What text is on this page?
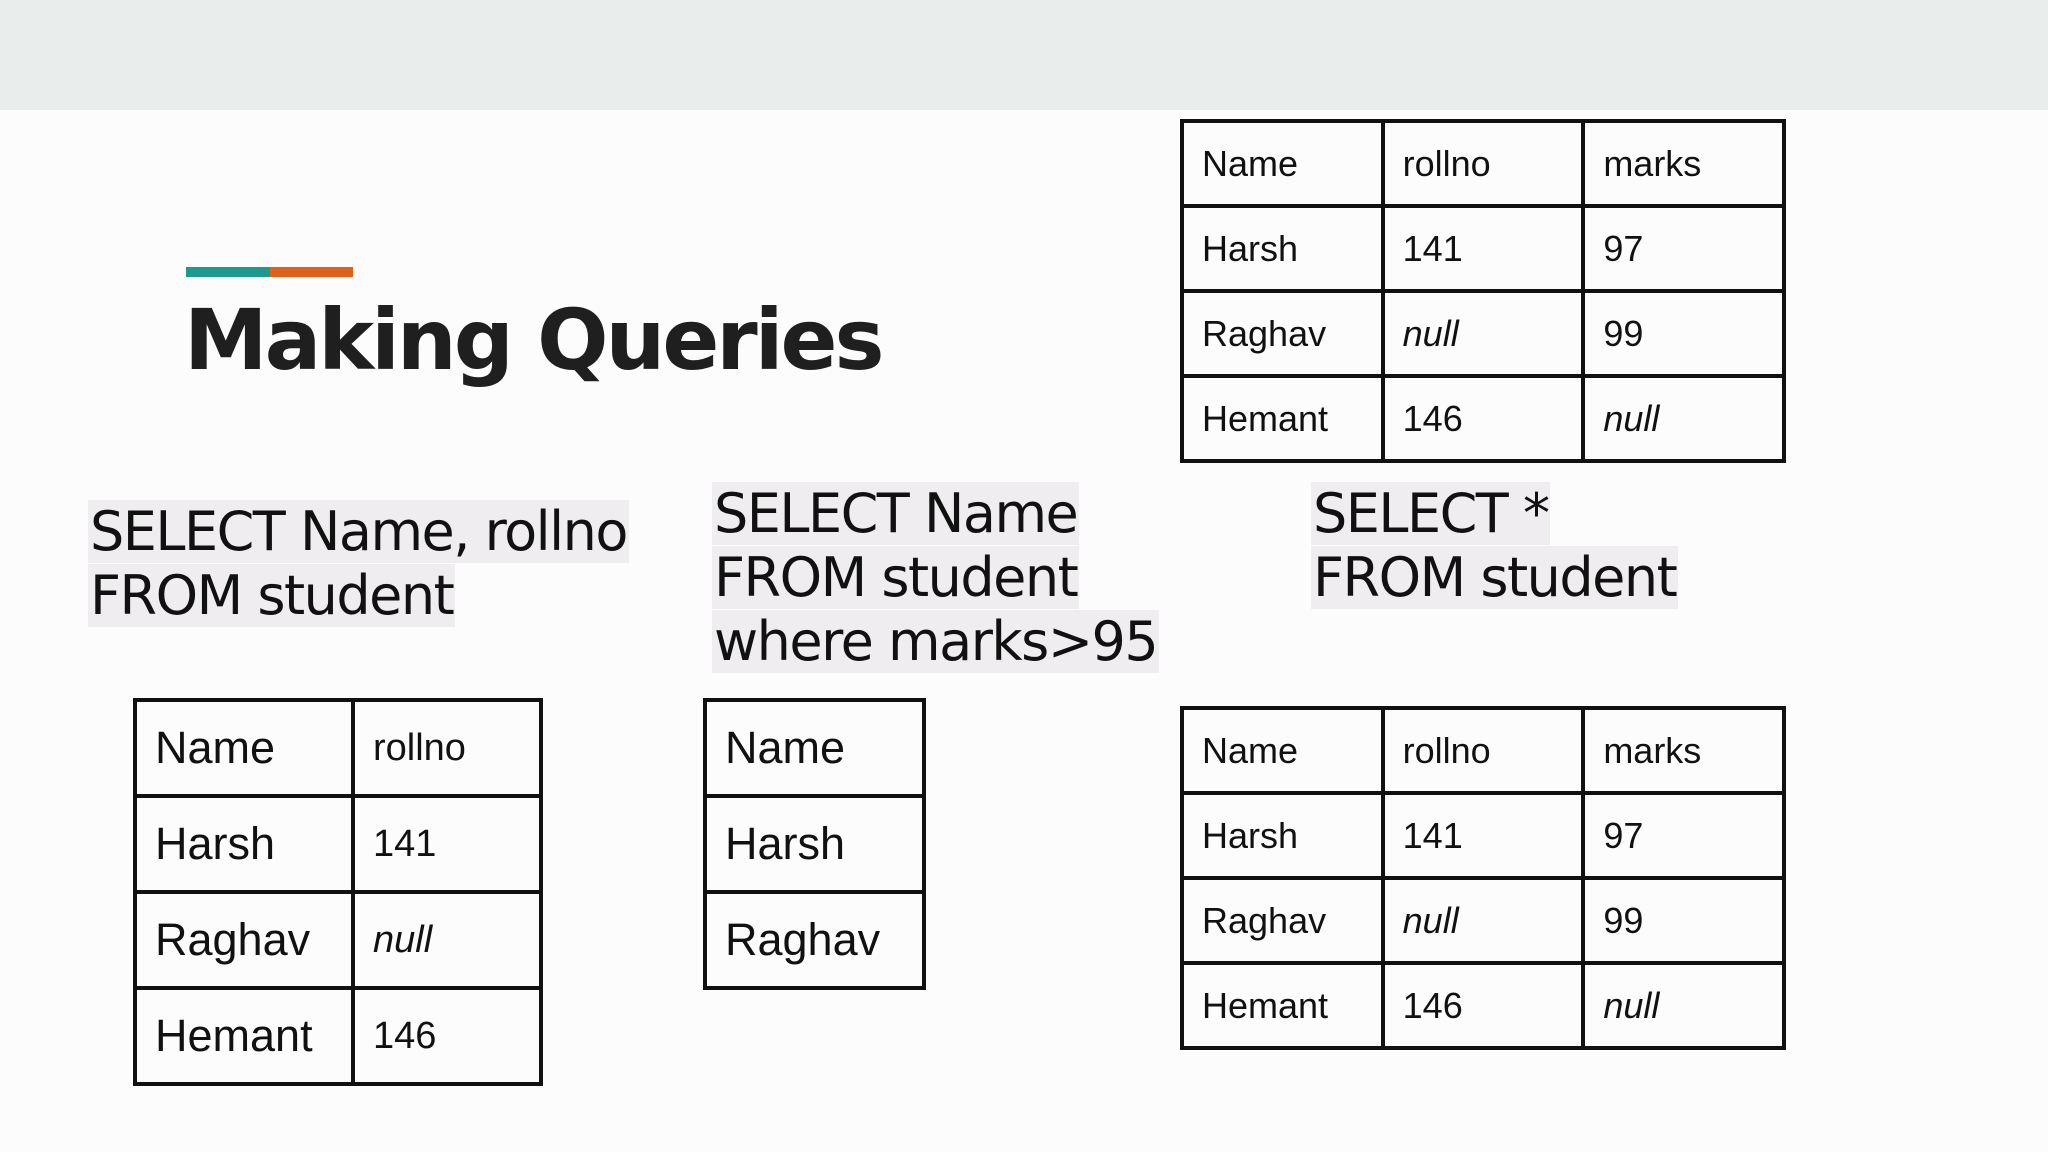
Making Queries
SELECT Name, rollno
FROM student
SELECT Name
FROM student
where marks>95
SELECT *
FROM student
Name	rollno	marks
Harsh	141	97
Raghav	null	99
Hemant	146	null
Name	rollno
Harsh	141
Raghav	null
Hemant	146
Name
Harsh
Raghav
Name	rollno	marks
Harsh	141	97
Raghav	null	99
Hemant	146	null
